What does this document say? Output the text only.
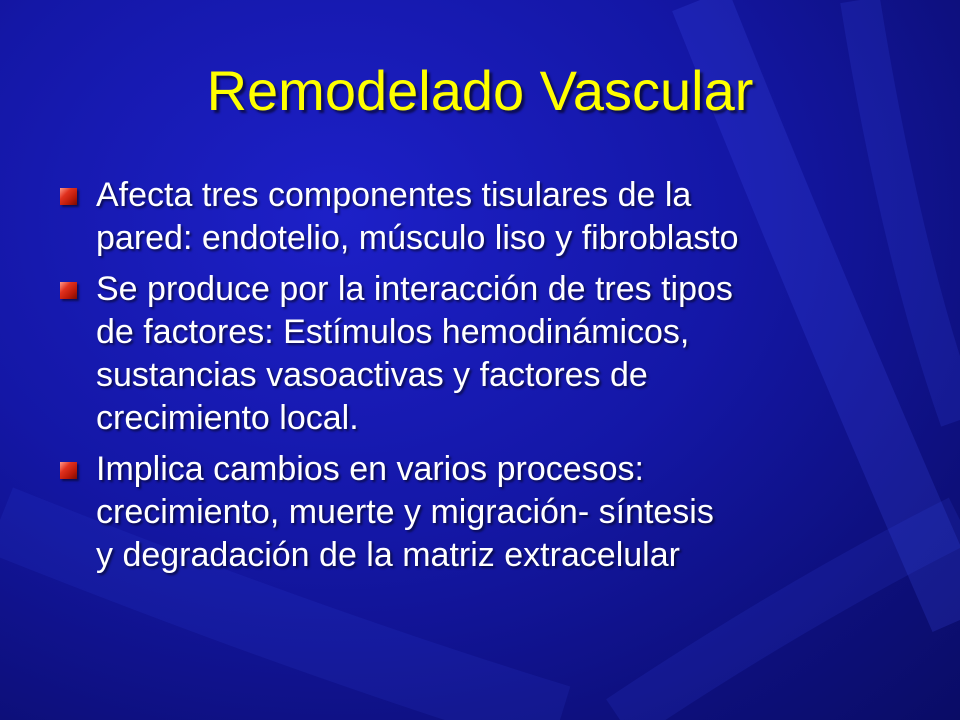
Remodelado Vascular
Afecta tres componentes tisulares de la
pared: endotelio, músculo liso y fibroblasto
Se produce por la interacción de tres tipos
de factores: Estímulos hemodinámicos,
sustancias vasoactivas y factores de
crecimiento local.
Implica cambios en varios procesos:
crecimiento, muerte y migración- síntesis
y degradación de la matriz extracelular
